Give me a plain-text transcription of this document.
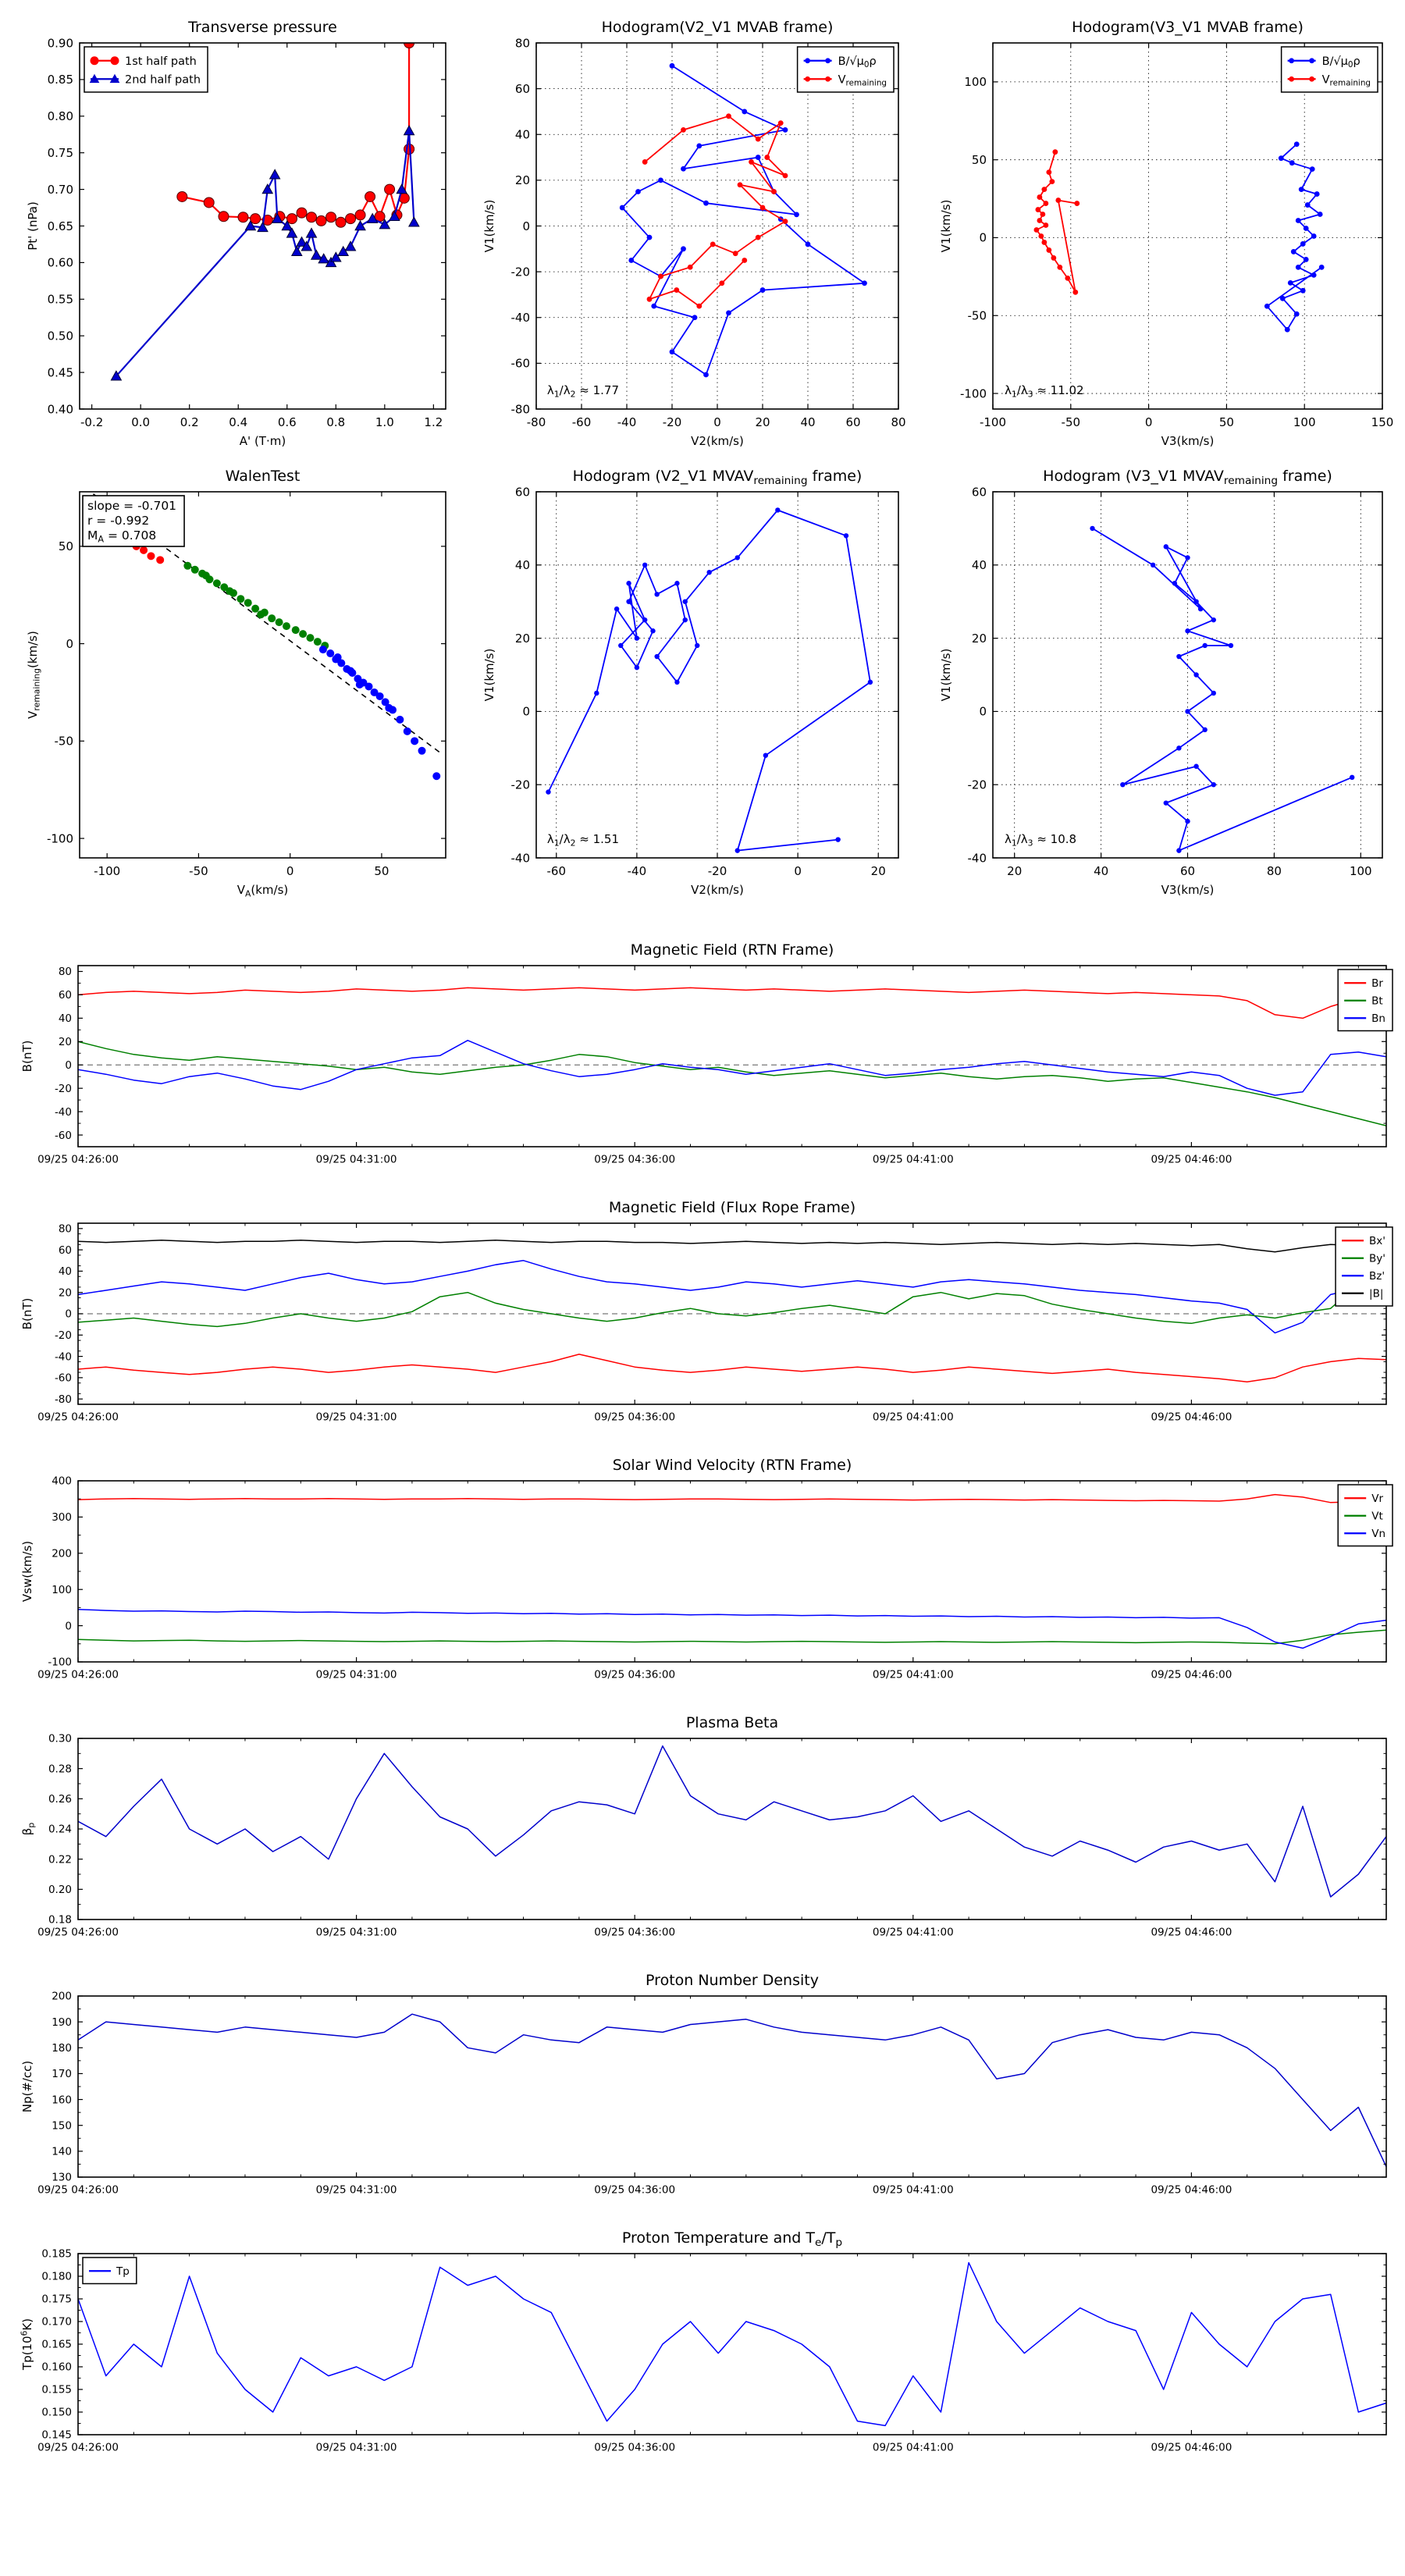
-0.2 0.0	0.2	0.4	0.6	0.8	1.0	1.2
0.40
0.45
0.50
0.55
0.60
0.65
0.70
0.75
0.80
0.85
0.90
Transverse pressure
A' (T·m)
Pt' (nPa)
1st half path
2nd half path
-80 -60 -40 -20	0	20	40	60	80
-80
-60
-40
-20
0
20
40
60
80
Hodogram(V2_V1 MVAB frame)
V2(km/s)
V1(km/s)
$\lambda_1/\lambda_2 \approx 1.77$
$B/√\mu_0\rho$
$V_{remaining}$
-100	-50	0	50	100	150
-100
-50
0
50
100
Hodogram(V3_V1 MVAB frame)
V3(km/s)
V1(km/s)
$\lambda_1/\lambda_3 \approx 11.02$
$B/√\mu_0\rho$
$V_{remaining}$
-100	-50	0	50
-100
-50
0
50
WalenTest
$V_A(km/s)$
$V_{remaining}(km/s)$
slope = -0.701
r = -0.992
$M_A = 0.708$
-60	-40	-20	0	20
-40
-20
0
20
40
60
Hodogram (V2_V1 $MVAV_{remaining}$ frame)
V2(km/s)
V1(km/s)
$\lambda_1/\lambda_2 \approx 1.51$
20	40	60	80	100
-40
-20
0
20
40
60
Hodogram (V3_V1 $MVAV_{remaining}$ frame)
V3(km/s)
V1(km/s)
$\lambda_1/\lambda_3 \approx 10.8$
09/25 04:26:00	09/25 04:31:00	09/25 04:36:00	09/25 04:41:00	09/25 04:46:00
-60
-40
-20
0
20
40
60
80
Magnetic Field (RTN Frame)
B(nT)
Br
Bt
Bn
09/25 04:26:00	09/25 04:31:00	09/25 04:36:00	09/25 04:41:00	09/25 04:46:00
-80
-60
-40
-20
0
20
40
60
80
Magnetic Field (Flux Rope Frame)
B(nT)
Bx'
By'
Bz'
|B|
09/25 04:26:00	09/25 04:31:00	09/25 04:36:00	09/25 04:41:00	09/25 04:46:00
-100
0
100
200
300
400
Solar Wind Velocity (RTN Frame)
Vsw(km/s)
Vr
Vt
Vn
09/25 04:26:00	09/25 04:31:00	09/25 04:36:00	09/25 04:41:00	09/25 04:46:00
0.18
0.20
0.22
0.24
0.26
0.28
0.30
Plasma Beta
$\beta_p$
09/25 04:26:00	09/25 04:31:00	09/25 04:36:00	09/25 04:41:00	09/25 04:46:00
130
140
150
160
170
180
190
200
Proton Number Density
Np(#/cc)
09/25 04:26:00	09/25 04:31:00	09/25 04:36:00	09/25 04:41:00	09/25 04:46:00
0.145
0.150
0.155
0.160
0.165
0.170
0.175
0.180
0.185
Proton Temperature and $T_e/T_p$
$Tp(10^6K)$
Tp
